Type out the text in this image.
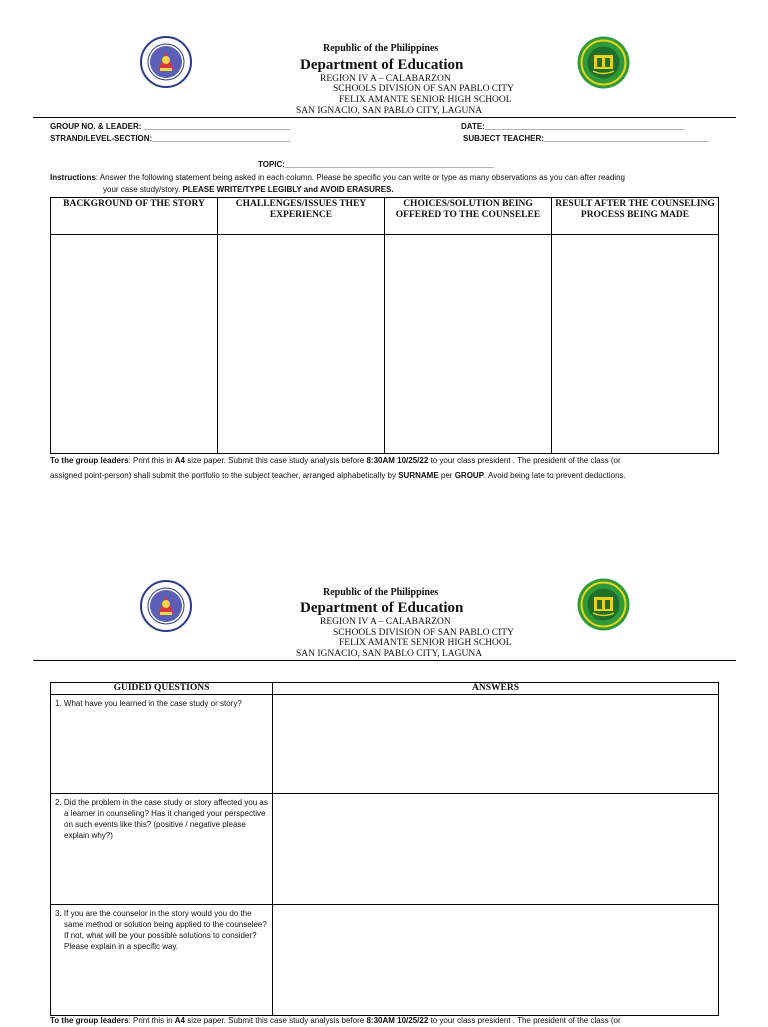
Republic of the Philippines
Department of Education
REGION IV A – CALABARZON
SCHOOLS DIVISION OF SAN PABLO CITY
FELIX AMANTE SENIOR HIGH SCHOOL
SAN IGNACIO, SAN PABLO CITY, LAGUNA
GROUP NO. & LEADER: _________________________________
STRAND/LEVEL-SECTION:_______________________________
DATE:_____________________________________________
SUBJECT TEACHER:_____________________________________
TOPIC:_______________________________________________
Instructions: Answer the following statement being asked in each column. Please be specific you can write or type as many observations as you can after reading
your case study/story. PLEASE WRITE/TYPE LEGIBLY and AVOID ERASURES.
BACKGROUND OF THE STORY	CHALLENGES/ISSUES THEY EXPERIENCE	CHOICES/SOLUTION BEING OFFERED TO THE COUNSELEE	RESULT AFTER THE COUNSELING PROCESS BEING MADE

To the group leaders: Print this in A4 size paper. Submit this case study analysis before 8:30AM 10/25/22 to your class president . The president of the class (or
assigned point-person) shall submit the portfolio to the subject teacher, arranged alphabetically by SURNAME per GROUP. Avoid being late to prevent deductions.
Republic of the Philippines
Department of Education
REGION IV A – CALABARZON
SCHOOLS DIVISION OF SAN PABLO CITY
FELIX AMANTE SENIOR HIGH SCHOOL
SAN IGNACIO, SAN PABLO CITY, LAGUNA
GUIDED QUESTIONS	ANSWERS

1. What have you learned in the case study or story?	

2. Did the problem in the case study or story affected you as a learner in counseling? Has it changed your perspective on such events like this? (positive / negative please explain why?)	

3. If you are the counselor in the story would you do the same method or solution being applied to the counselee? If not, what will be your possible solutions to consider? Please explain in a specific way.	

To the group leaders: Print this in A4 size paper. Submit this case study analysis before 8:30AM 10/25/22 to your class president . The president of the class (or
